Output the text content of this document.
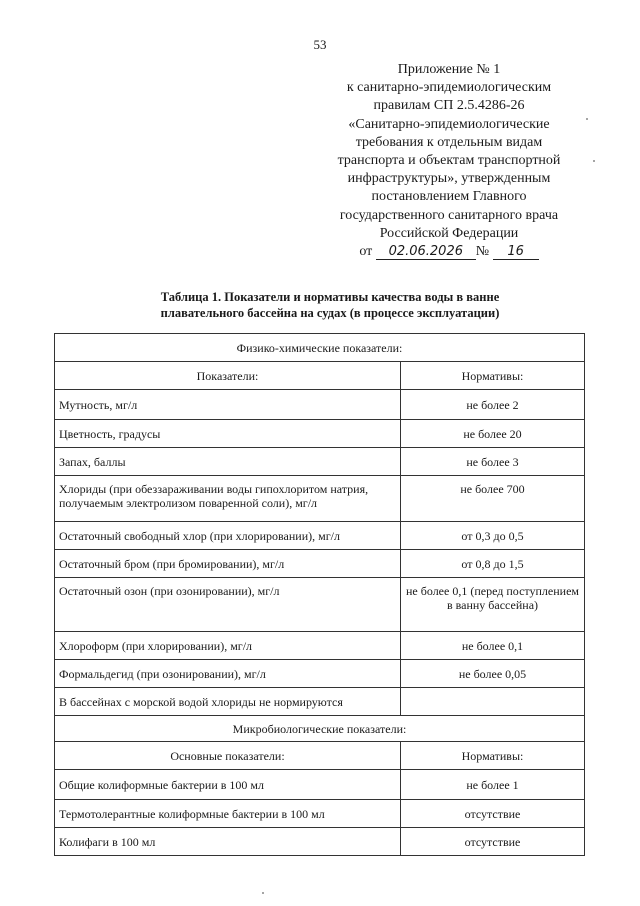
53
Приложение № 1
к санитарно-эпидемиологическим
правилам СП 2.5.4286-26
«Санитарно-эпидемиологические
требования к отдельным видам
транспорта и объектам транспортной
инфраструктуры», утвержденным
постановлением Главного
государственного санитарного врача
Российской Федерации
от 02.06.2026 № 16
Таблица 1. Показатели и нормативы качества воды в ванне
плавательного бассейна на судах (в процессе эксплуатации)
Физико-химические показатели:	
Показатели:	Нормативы:
Мутность, мг/л	не более 2
Цветность, градусы	не более 20
Запах, баллы	не более 3
Хлориды (при обеззараживании воды гипохлоритом натрия, получаемым электролизом поваренной соли), мг/л	не более 700
Остаточный свободный хлор (при хлорировании), мг/л	от 0,3 до 0,5
Остаточный бром (при бромировании), мг/л	от 0,8 до 1,5
Остаточный озон (при озонировании), мг/л	не более 0,1 (перед поступлением в ванну бассейна)
Хлороформ (при хлорировании), мг/л	не более 0,1
Формальдегид (при озонировании), мг/л	не более 0,05
В бассейнах с морской водой хлориды не нормируются	
Микробиологические показатели:	
Основные показатели:	Нормативы:
Общие колиформные бактерии в 100 мл	не более 1
Термотолерантные колиформные бактерии в 100 мл	отсутствие
Колифаги в 100 мл	отсутствие
